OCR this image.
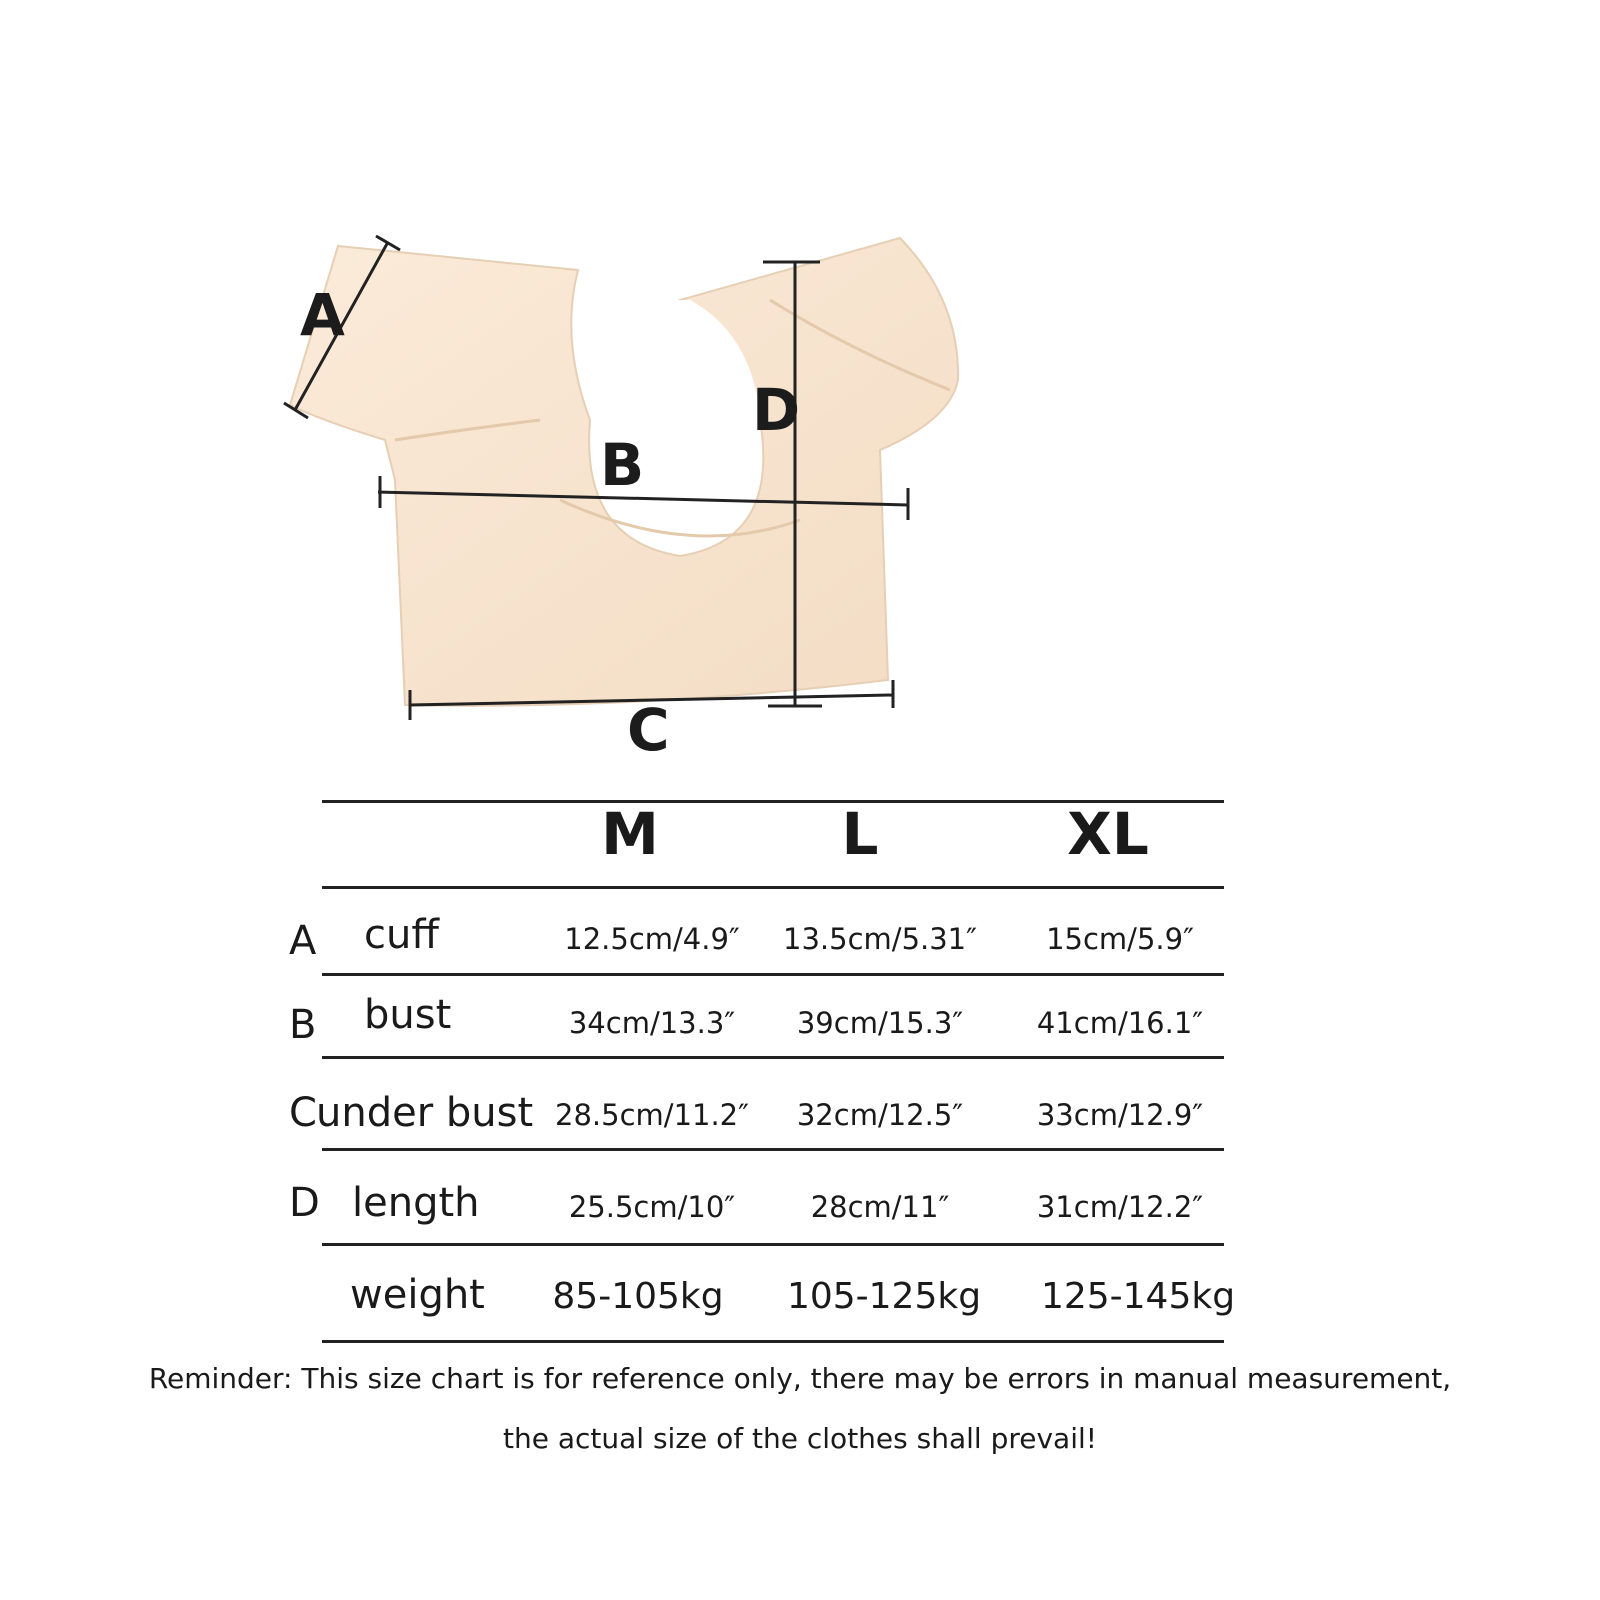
A
B
C
D
M	L	XL
A cuff	12.5cm/4.9″	13.5cm/5.31″	15cm/5.9″
B bust	34cm/13.3″	39cm/15.3″	41cm/16.1″
C under bust 28.5cm/11.2″	32cm/12.5″	33cm/12.9″
D length	25.5cm/10″	28cm/11″	31cm/12.2″
weight	85-105kg	105-125kg	125-145kg
Reminder: This size chart is for reference only, there may be errors in manual measurement,
the actual size of the clothes shall prevail!
